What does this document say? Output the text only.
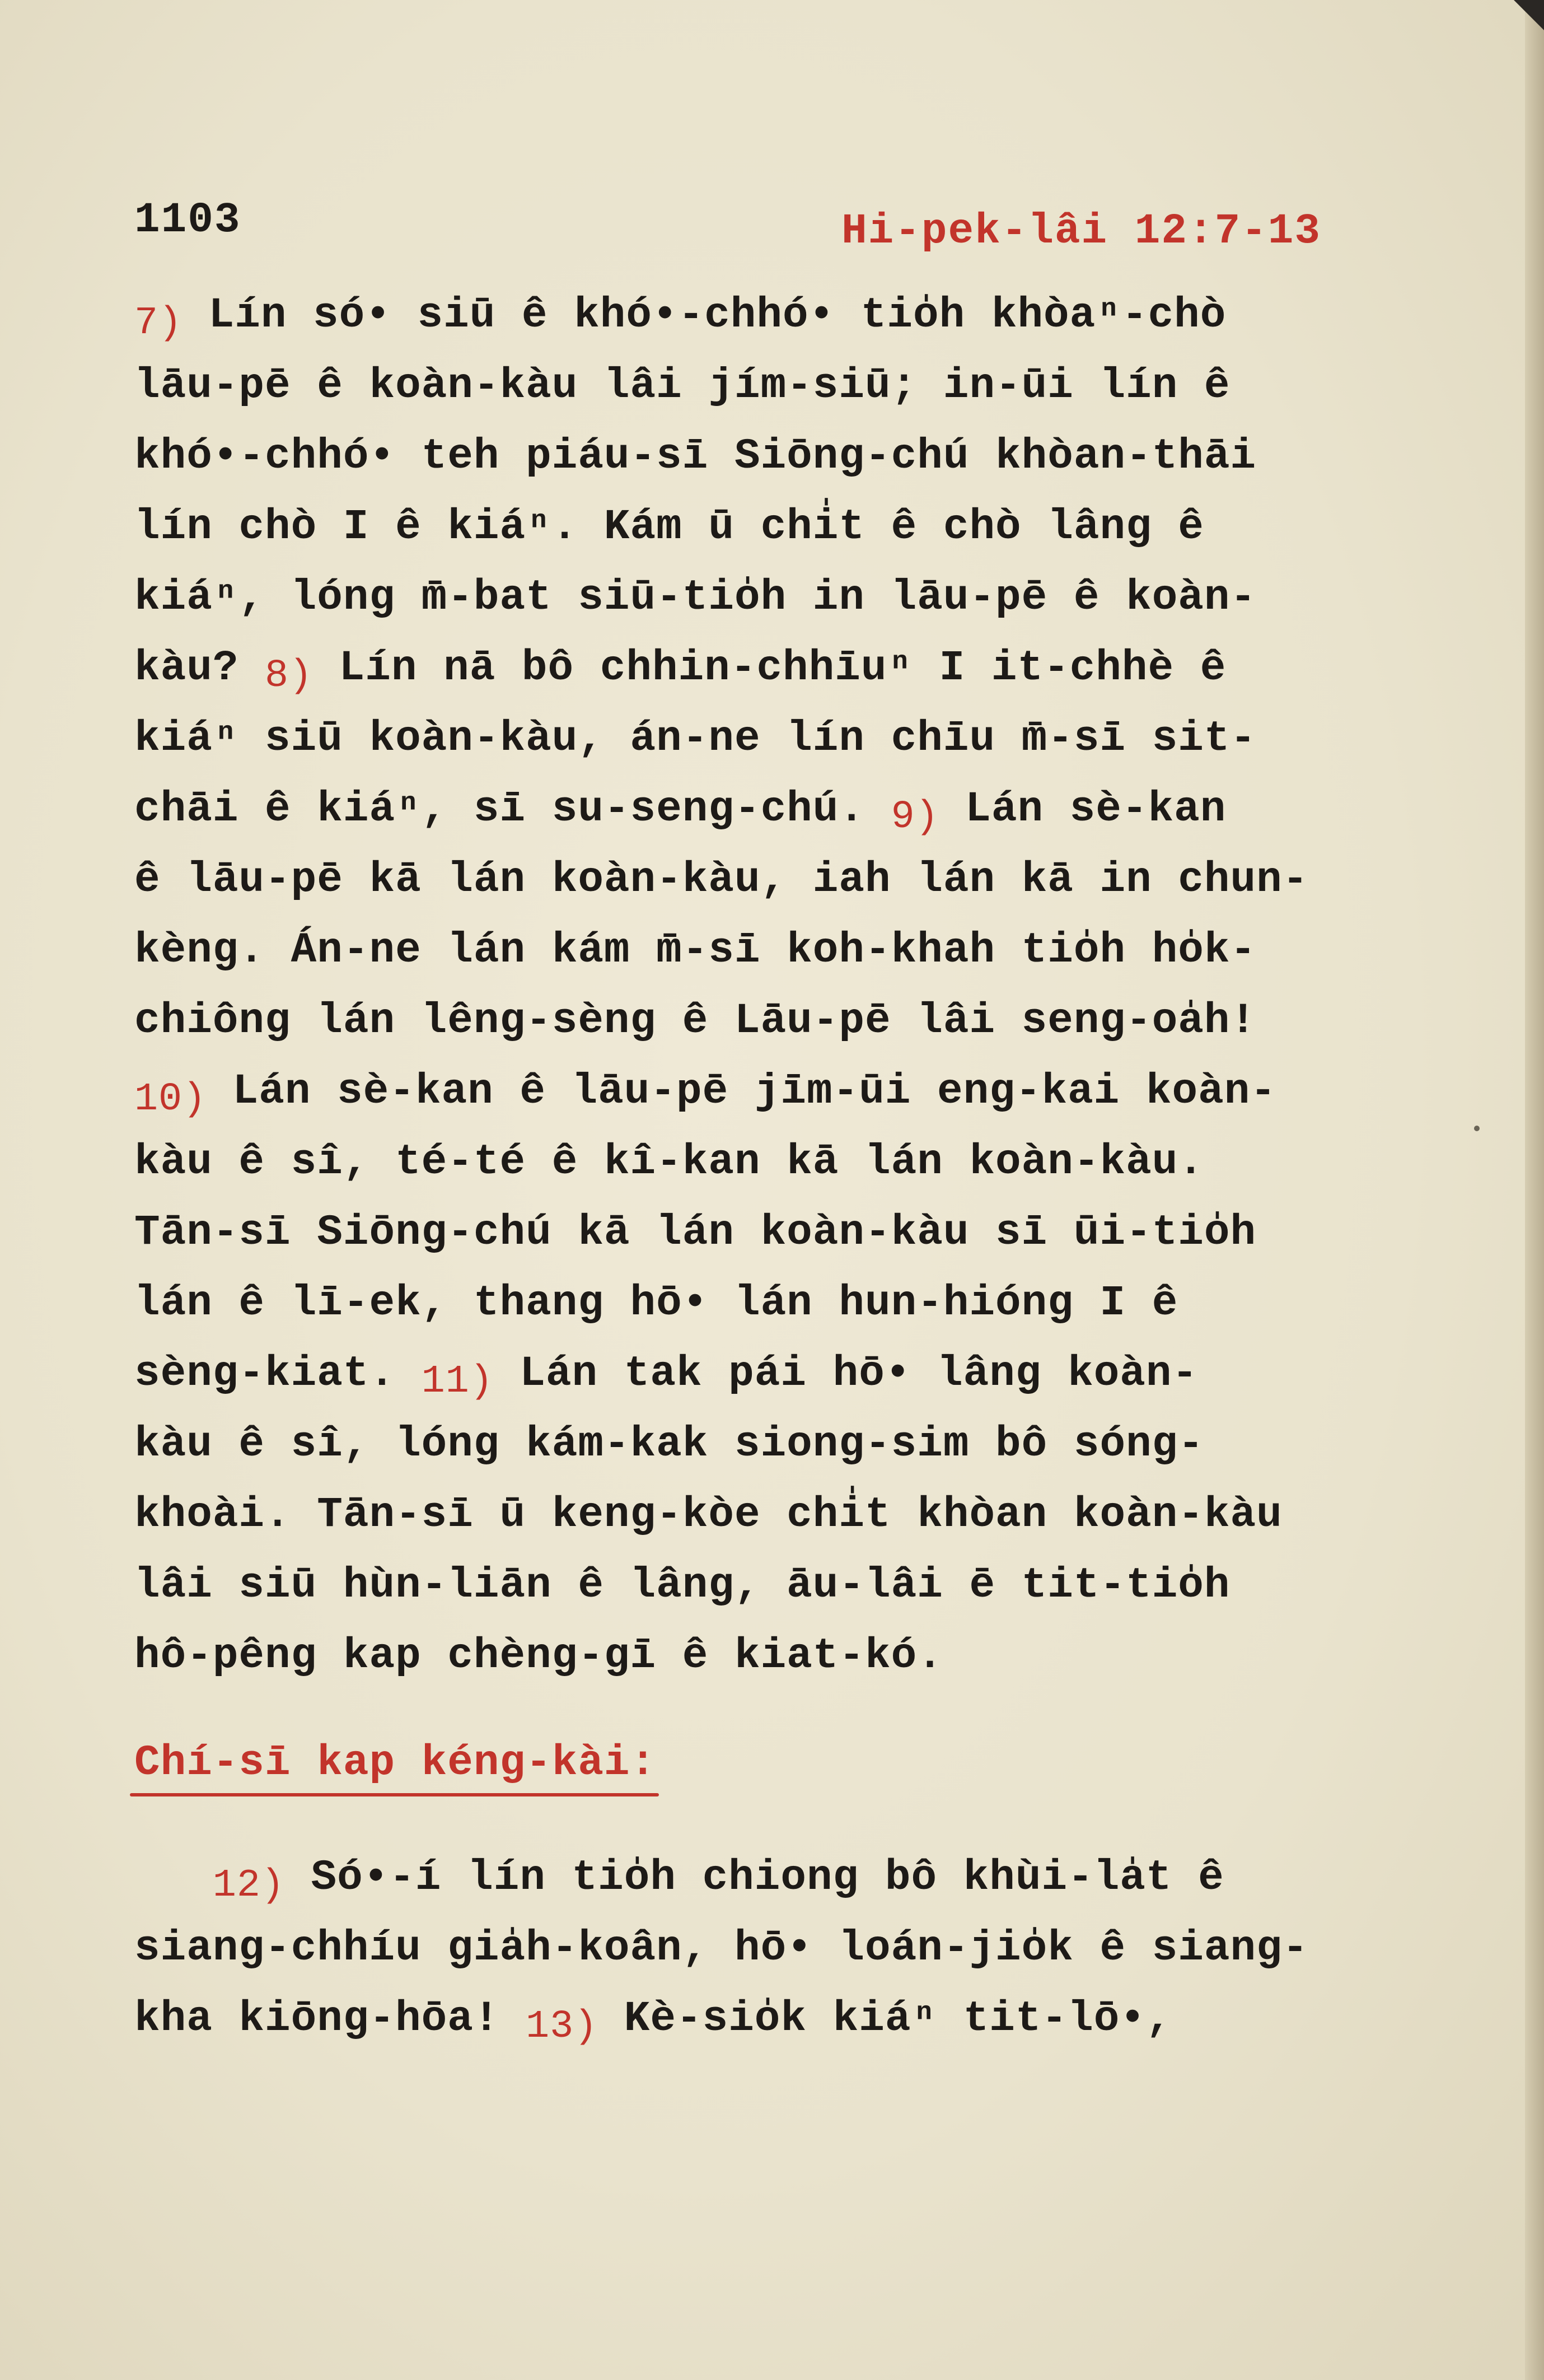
1103	Hi-pek-lâi 12:7-13
7) Lín só• siū ê khó•-chhó• tio̍h khòaⁿ-chò
lāu-pē ê koàn-kàu lâi jím-siū; in-ūi lín ê
khó•-chhó• teh piáu-sī Siōng-chú khòan-thāi
lín chò I ê kiáⁿ. Kám ū chi̍t ê chò lâng ê
kiáⁿ, lóng m̄-bat siū-tio̍h in lāu-pē ê koàn-
kàu? 8) Lín nā bô chhin-chhīuⁿ I it-chhè ê
kiáⁿ siū koàn-kàu, án-ne lín chīu m̄-sī sit-
chāi ê kiáⁿ, sī su-seng-chú. 9) Lán sè-kan
ê lāu-pē kā lán koàn-kàu, iah lán kā in chun-
kèng. Án-ne lán kám m̄-sī koh-khah tio̍h ho̍k-
chiông lán lêng-sèng ê Lāu-pē lâi seng-oa̍h!
10) Lán sè-kan ê lāu-pē jīm-ūi eng-kai koàn-
kàu ê sî, té-té ê kî-kan kā lán koàn-kàu.
Tān-sī Siōng-chú kā lán koàn-kàu sī ūi-tio̍h
lán ê lī-ek, thang hō• lán hun-hióng I ê
sèng-kiat. 11) Lán tak pái hō• lâng koàn-
kàu ê sî, lóng kám-kak siong-sim bô sóng-
khoài. Tān-sī ū keng-kòe chi̍t khòan koàn-kàu
lâi siū hùn-liān ê lâng, āu-lâi ē tit-tio̍h
hô-pêng kap chèng-gī ê kiat-kó.
Chí-sī kap kéng-kài:
12) Só•-í lín tio̍h chiong bô khùi-la̍t ê
siang-chhíu gia̍h-koân, hō• loán-jio̍k ê siang-
kha kiōng-hōa! 13) Kè-sio̍k kiáⁿ tit-lō•,
